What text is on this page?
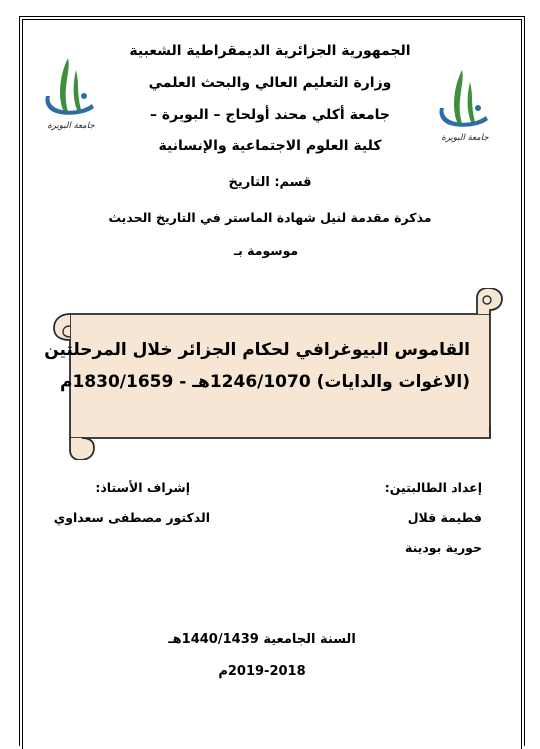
جامعة البويرة
جامعة البويرة
الجمهورية الجزائرية الديمقراطية الشعبية
وزارة التعليم العالي والبحث العلمي
جامعة أكلي محند أولحاج – البويرة –
كلية العلوم الاجتماعية والإنسانية
قسم: التاريخ
مذكرة مقدمة لنيل شهادة الماستر في التاريخ الحديث
موسومة بـ
القاموس البيوغرافي لحكام الجزائر خلال المرحلتين
(الاغوات والدايات) 1246/1070هـ - 1830/1659م
إعداد الطالبتين:
فطيمة قلال
حورية بودينة
إشراف الأستاذ:
الدكتور مصطفى سعداوي
السنة الجامعية 1440/1439هـ
2019-2018م
